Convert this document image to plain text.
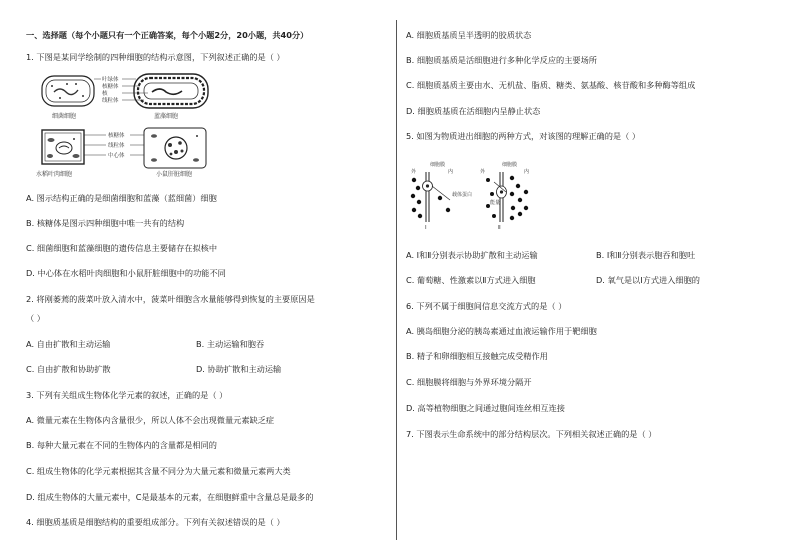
一、选择题（每个小题只有一个正确答案，每个小题2分，20小题，共40分）
1. 下图是某同学绘制的四种细胞的结构示意图，下列叙述正确的是（ ）
叶绿体
核糖体
核
线粒体
细菌细胞	蓝藻细胞
核糖体
线粒体
中心体
水稻叶肉细胞	小鼠肝脏细胞
A. 图示结构正确的是细菌细胞和蓝藻（蓝细菌）细胞
B. 核糖体是图示四种细胞中唯一共有的结构
C. 细菌细胞和蓝藻细胞的遗传信息主要储存在拟核中
D. 中心体在水稻叶肉细胞和小鼠肝脏细胞中的功能不同
2. 将刚萎蔫的菠菜叶放入清水中，菠菜叶细胞含水量能够得到恢复的主要原因是
（ ）
A. 自由扩散和主动运输	B. 主动运输和胞吞
C. 自由扩散和协助扩散	D. 协助扩散和主动运输
3. 下列有关组成生物体化学元素的叙述，正确的是（ ）
A. 微量元素在生物体内含量很少，所以人体不会出现微量元素缺乏症
B. 每种大量元素在不同的生物体内的含量都是相同的
C. 组成生物体的化学元素根据其含量不同分为大量元素和微量元素两大类
D. 组成生物体的大量元素中，C是最基本的元素，在细胞鲜重中含量总是最多的
4. 细胞质基质是细胞结构的重要组成部分。下列有关叙述错误的是（ ）
A. 细胞质基质呈半透明的胶质状态
B. 细胞质基质是活细胞进行多种化学反应的主要场所
C. 细胞质基质主要由水、无机盐、脂质、糖类、氨基酸、核苷酸和多种酶等组成
D. 细胞质基质在活细胞内呈静止状态
5. 如图为物质进出细胞的两种方式，对该图的理解正确的是（ ）
细胞膜
外	内
载体蛋白
Ⅰ
细胞膜
外	内
能量
Ⅱ
A. Ⅰ和Ⅱ分别表示协助扩散和主动运输	B. Ⅰ和Ⅱ分别表示胞吞和胞吐
C. 葡萄糖、性激素以Ⅱ方式进入细胞	D. 氧气是以Ⅰ方式进入细胞的
6. 下列不属于细胞间信息交流方式的是（ ）
A. 胰岛细胞分泌的胰岛素通过血液运输作用于靶细胞
B. 精子和卵细胞相互接触完成受精作用
C. 细胞膜将细胞与外界环境分隔开
D. 高等植物细胞之间通过胞间连丝相互连接
7. 下图表示生命系统中的部分结构层次。下列相关叙述正确的是（ ）
